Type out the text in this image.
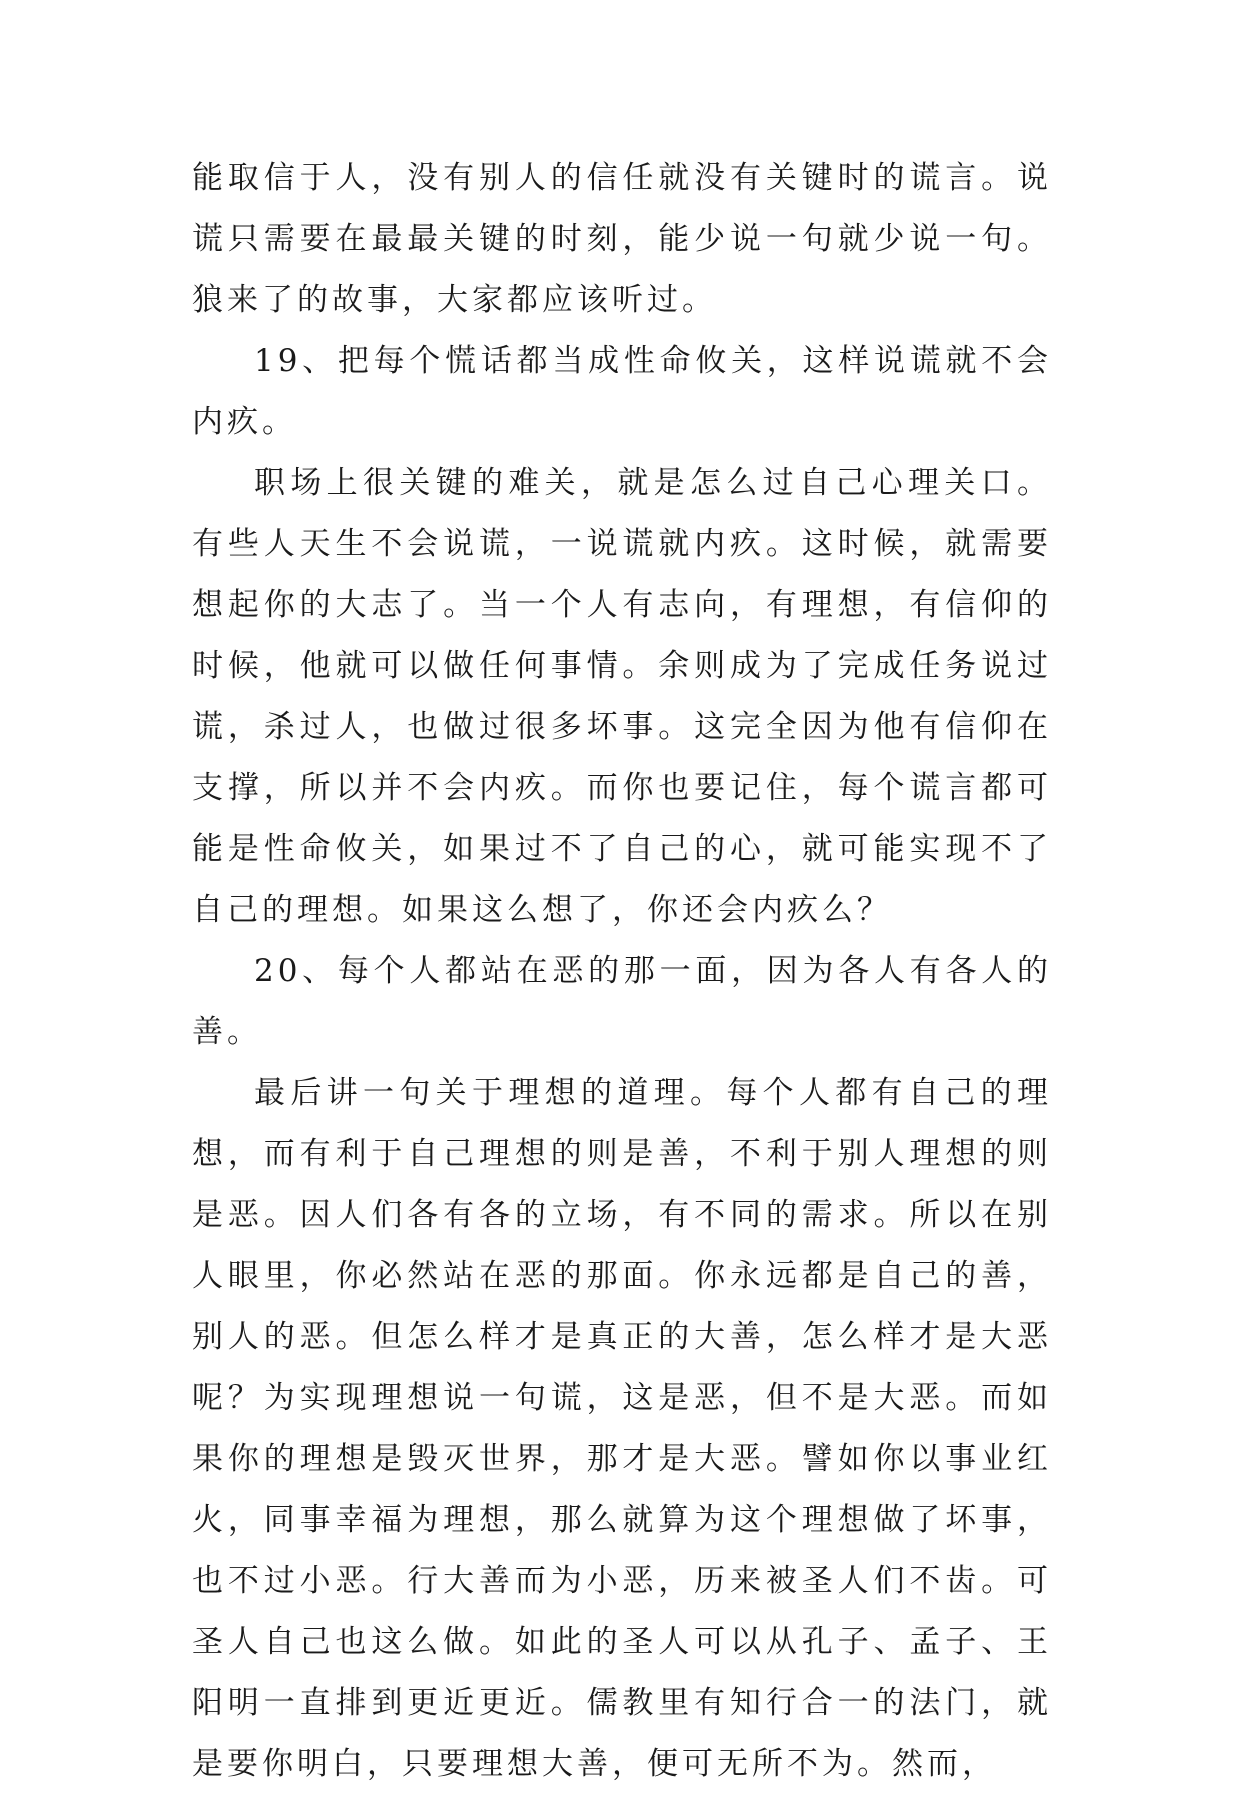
能取信于人，没有别人的信任就没有关键时的谎言。说谎只需要在最最关键的时刻，能少说一句就少说一句。狼来了的故事，大家都应该听过。

19、把每个慌话都当成性命攸关，这样说谎就不会内疚。

职场上很关键的难关，就是怎么过自己心理关口。有些人天生不会说谎，一说谎就内疚。这时候，就需要想起你的大志了。当一个人有志向，有理想，有信仰的时候，他就可以做任何事情。余则成为了完成任务说过谎，杀过人，也做过很多坏事。这完全因为他有信仰在支撑，所以并不会内疚。而你也要记住，每个谎言都可能是性命攸关，如果过不了自己的心，就可能实现不了自己的理想。如果这么想了，你还会内疚么？

20、每个人都站在恶的那一面，因为各人有各人的善。

最后讲一句关于理想的道理。每个人都有自己的理想，而有利于自己理想的则是善，不利于别人理想的则是恶。因人们各有各的立场，有不同的需求。所以在别人眼里，你必然站在恶的那面。你永远都是自己的善，别人的恶。但怎么样才是真正的大善，怎么样才是大恶呢？为实现理想说一句谎，这是恶，但不是大恶。而如果你的理想是毁灭世界，那才是大恶。譬如你以事业红火，同事幸福为理想，那么就算为这个理想做了坏事，也不过小恶。行大善而为小恶，历来被圣人们不齿。可圣人自己也这么做。如此的圣人可以从孔子、孟子、王阳明一直排到更近更近。儒教里有知行合一的法门，就是要你明白，只要理想大善，便可无所不为。然而，
